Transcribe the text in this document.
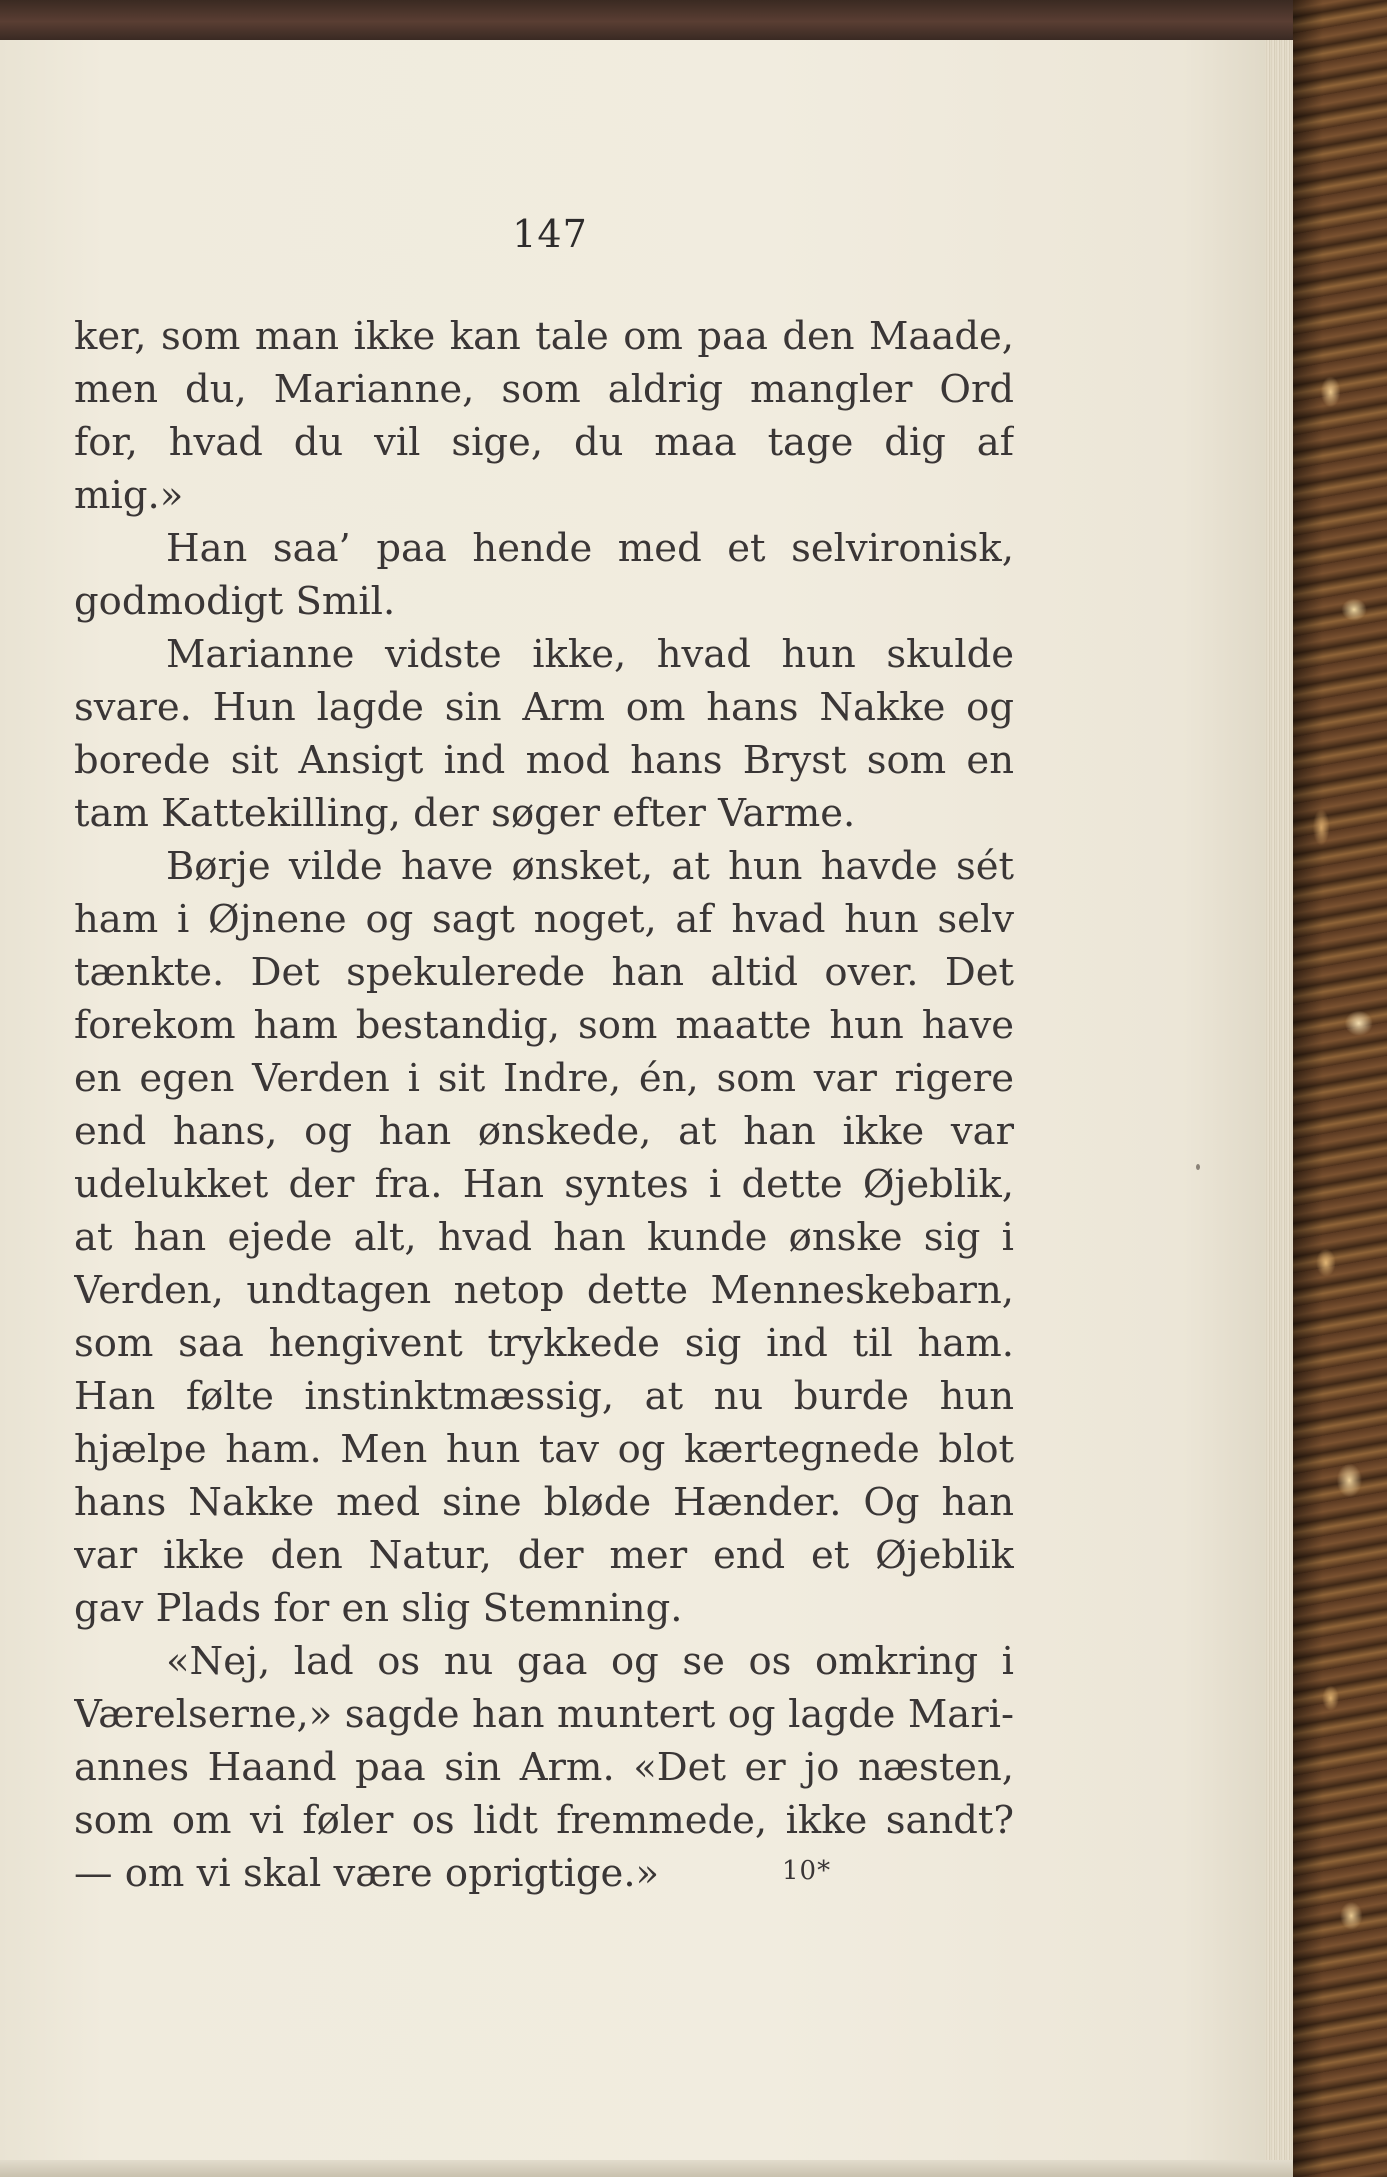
147
ker, som man ikke kan tale om paa den Maade,
men du, Marianne, som aldrig mangler Ord
for, hvad du vil sige, du maa tage dig af
mig.»
Han saa’ paa hende med et selvironisk,
godmodigt Smil.
Marianne vidste ikke, hvad hun skulde
svare. Hun lagde sin Arm om hans Nakke og
borede sit Ansigt ind mod hans Bryst som en
tam Kattekilling, der søger efter Varme.
Børje vilde have ønsket, at hun havde sét
ham i Øjnene og sagt noget, af hvad hun selv
tænkte. Det spekulerede han altid over. Det
forekom ham bestandig, som maatte hun have
en egen Verden i sit Indre, én, som var rigere
end hans, og han ønskede, at han ikke var
udelukket der fra. Han syntes i dette Øjeblik,
at han ejede alt, hvad han kunde ønske sig i
Verden, undtagen netop dette Menneskebarn,
som saa hengivent trykkede sig ind til ham.
Han følte instinktmæssig, at nu burde hun
hjælpe ham. Men hun tav og kærtegnede blot
hans Nakke med sine bløde Hænder. Og han
var ikke den Natur, der mer end et Øjeblik
gav Plads for en slig Stemning.
«Nej, lad os nu gaa og se os omkring i
Værelserne,» sagde han muntert og lagde Mari-
annes Haand paa sin Arm. «Det er jo næsten,
som om vi føler os lidt fremmede, ikke sandt?
— om vi skal være oprigtige.»	10*
